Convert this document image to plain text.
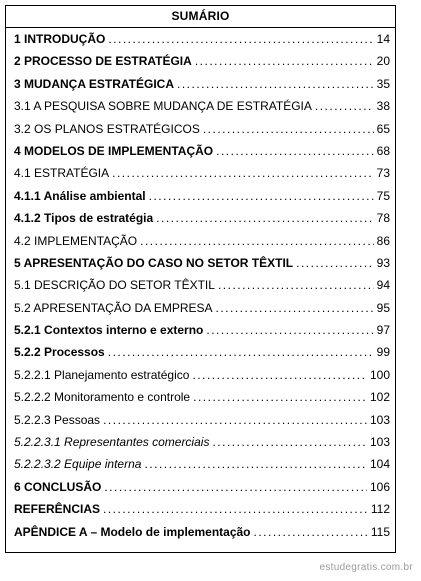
SUMÁRIO
1 INTRODUÇÃO .....	14
2 PROCESSO DE ESTRATÉGIA .....	20
3 MUDANÇA ESTRATÉGICA .....	35
3.1 A PESQUISA SOBRE MUDANÇA DE ESTRATÉGIA .....	38
3.2 OS PLANOS ESTRATÉGICOS .....	65
4 MODELOS DE IMPLEMENTAÇÃO .....	68
4.1 ESTRATÉGIA .....	73
4.1.1 Análise ambiental .....	75
4.1.2 Tipos de estratégia .....	78
4.2 IMPLEMENTAÇÃO .....	86
5 APRESENTAÇÃO DO CASO NO SETOR TÊXTIL .....	93
5.1 DESCRIÇÃO DO SETOR TÊXTIL .....	94
5.2 APRESENTAÇÃO DA EMPRESA .....	95
5.2.1 Contextos interno e externo .....	97
5.2.2 Processos .....	99
5.2.2.1 Planejamento estratégico .....	100
5.2.2.2 Monitoramento e controle .....	102
5.2.2.3 Pessoas .....	103
5.2.2.3.1 Representantes comerciais .....	103
5.2.2.3.2 Equipe interna .....	104
6 CONCLUSÃO .....	106
REFERÊNCIAS .....	112
APÊNDICE A – Modelo de implementação .....	115
estudegratis.com.br
